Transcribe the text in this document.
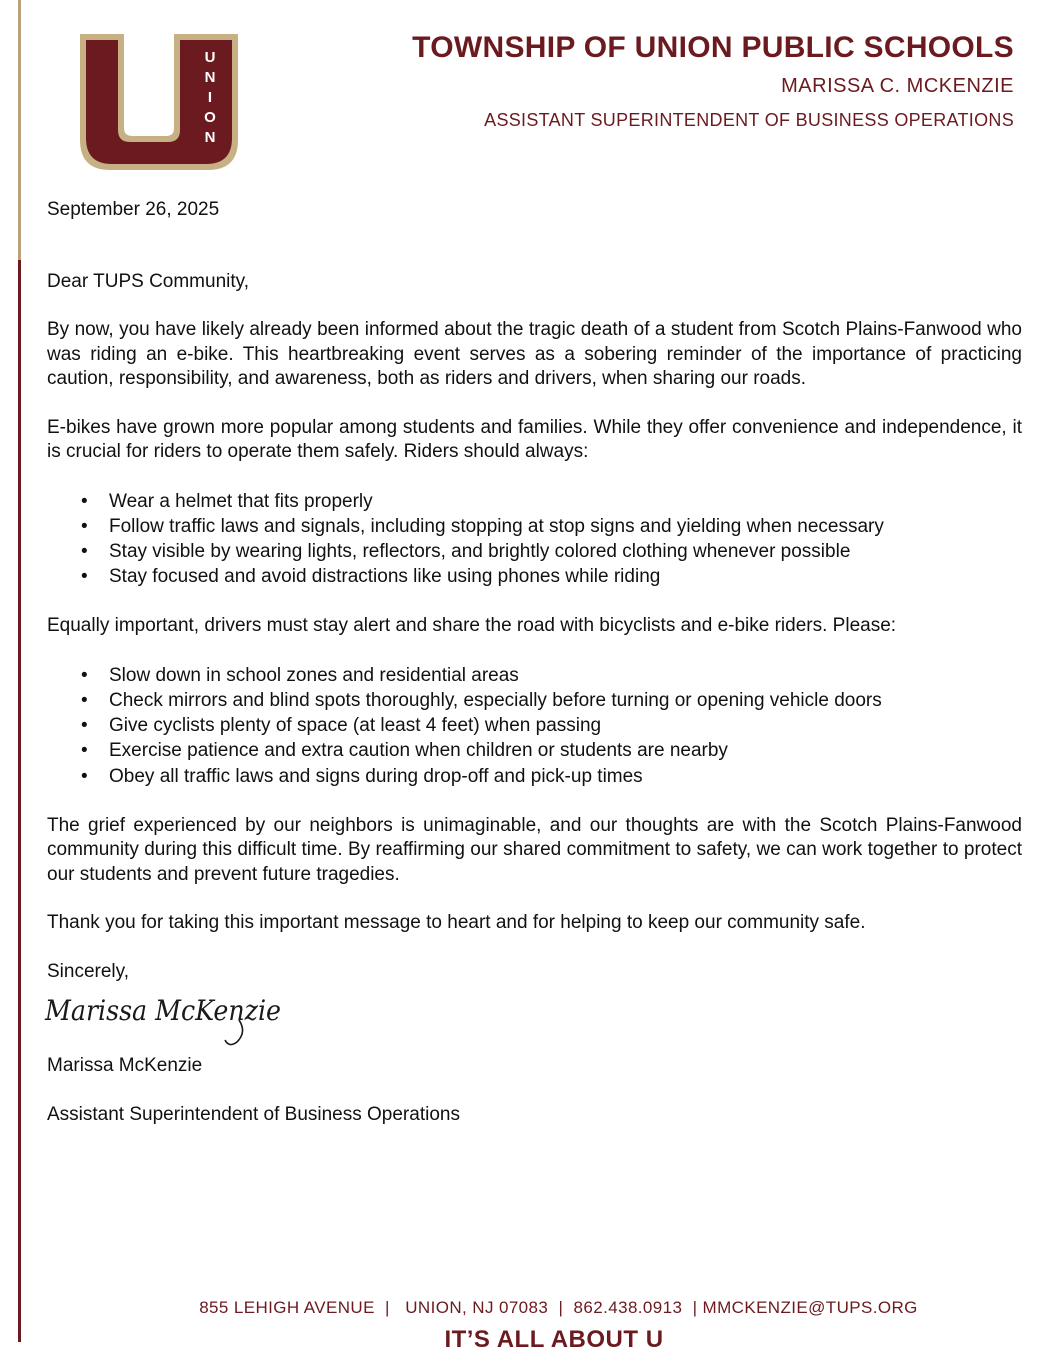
U
N
I
O
N
TOWNSHIP OF UNION PUBLIC SCHOOLS
MARISSA C. MCKENZIE
ASSISTANT SUPERINTENDENT OF BUSINESS OPERATIONS

September 26, 2025

Dear TUPS Community,

By now, you have likely already been informed about the tragic death of a student from Scotch Plains-Fanwood who was riding an e-bike. This heartbreaking event serves as a sobering reminder of the importance of practicing caution, responsibility, and awareness, both as riders and drivers, when sharing our roads.

E-bikes have grown more popular among students and families. While they offer convenience and independence, it is crucial for riders to operate them safely. Riders should always:

• Wear a helmet that fits properly
• Follow traffic laws and signals, including stopping at stop signs and yielding when necessary
• Stay visible by wearing lights, reflectors, and brightly colored clothing whenever possible
• Stay focused and avoid distractions like using phones while riding

Equally important, drivers must stay alert and share the road with bicyclists and e-bike riders. Please:

• Slow down in school zones and residential areas
• Check mirrors and blind spots thoroughly, especially before turning or opening vehicle doors
• Give cyclists plenty of space (at least 4 feet) when passing
• Exercise patience and extra caution when children or students are nearby
• Obey all traffic laws and signs during drop-off and pick-up times

The grief experienced by our neighbors is unimaginable, and our thoughts are with the Scotch Plains-Fanwood community during this difficult time. By reaffirming our shared commitment to safety, we can work together to protect our students and prevent future tragedies.

Thank you for taking this important message to heart and for helping to keep our community safe.

Sincerely,

Marissa McKenzie

Marissa McKenzie

Assistant Superintendent of Business Operations

855 LEHIGH AVENUE  |   UNION, NJ 07083  |  862.438.0913  | MMCKENZIE@TUPS.ORG
IT’S ALL ABOUT U
